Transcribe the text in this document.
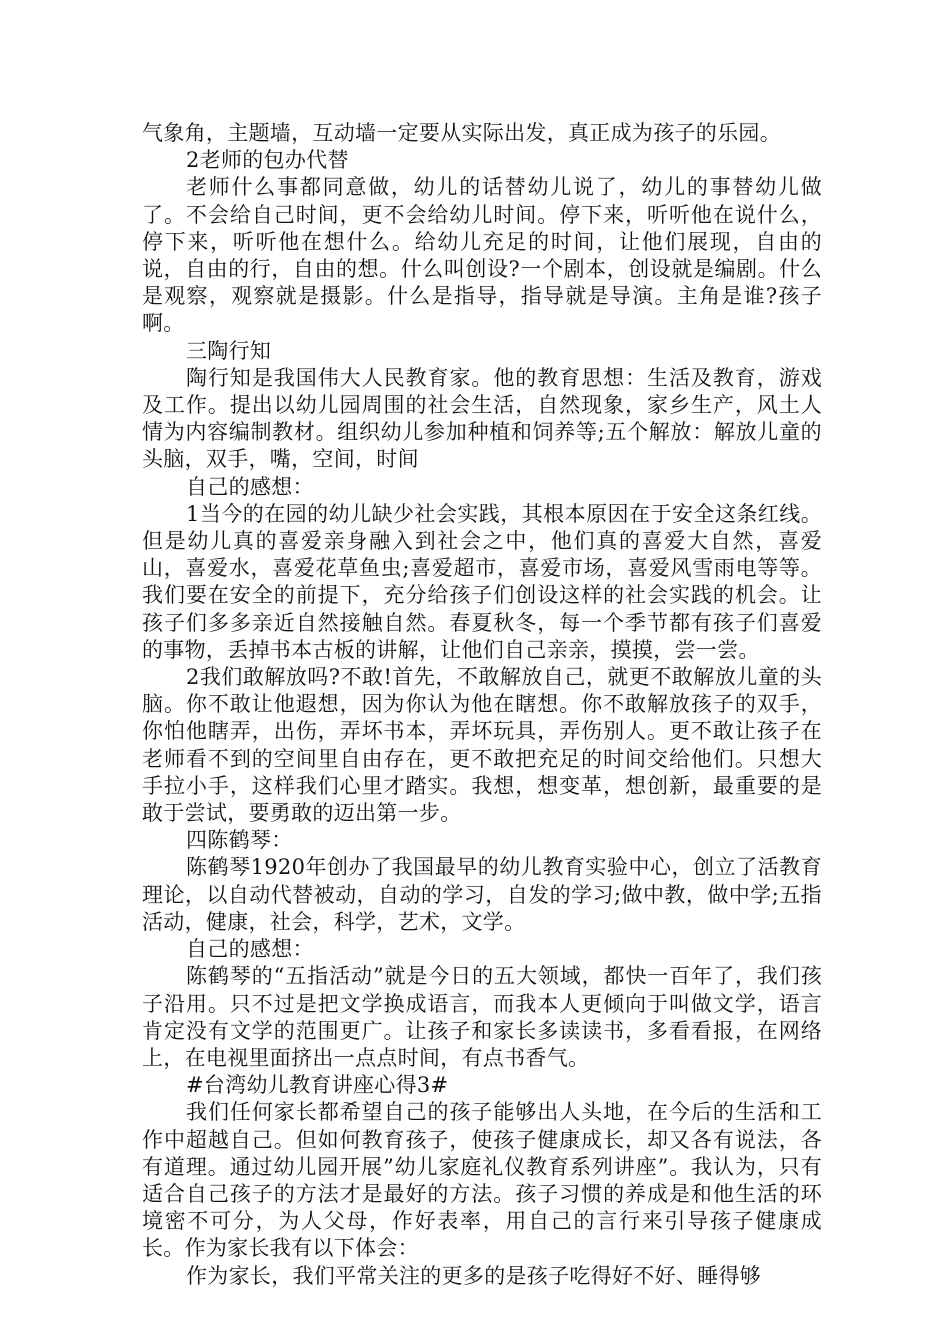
气象角，主题墙，互动墙一定要从实际出发，真正成为孩子的乐园。

2老师的包办代替

老师什么事都同意做，幼儿的话替幼儿说了，幼儿的事替幼儿做了。不会给自己时间，更不会给幼儿时间。停下来，听听他在说什么，停下来，听听他在想什么。给幼儿充足的时间，让他们展现，自由的说，自由的行，自由的想。什么叫创设?一个剧本，创设就是编剧。什么是观察，观察就是摄影。什么是指导，指导就是导演。主角是谁?孩子啊。

三陶行知

陶行知是我国伟大人民教育家。他的教育思想：生活及教育，游戏及工作。提出以幼儿园周围的社会生活，自然现象，家乡生产，风土人情为内容编制教材。组织幼儿参加种植和饲养等;五个解放：解放儿童的头脑，双手，嘴，空间，时间

自己的感想：

1当今的在园的幼儿缺少社会实践，其根本原因在于安全这条红线。但是幼儿真的喜爱亲身融入到社会之中，他们真的喜爱大自然，喜爱山，喜爱水，喜爱花草鱼虫;喜爱超市，喜爱市场，喜爱风雪雨电等等。我们要在安全的前提下，充分给孩子们创设这样的社会实践的机会。让孩子们多多亲近自然接触自然。春夏秋冬，每一个季节都有孩子们喜爱的事物，丢掉书本古板的讲解，让他们自己亲亲，摸摸，尝一尝。

2我们敢解放吗?不敢!首先，不敢解放自己，就更不敢解放儿童的头脑。你不敢让他遐想，因为你认为他在瞎想。你不敢解放孩子的双手，你怕他瞎弄，出伤，弄坏书本，弄坏玩具，弄伤别人。更不敢让孩子在老师看不到的空间里自由存在，更不敢把充足的时间交给他们。只想大手拉小手，这样我们心里才踏实。我想，想变革，想创新，最重要的是敢于尝试，要勇敢的迈出第一步。

四陈鹤琴：

陈鹤琴1920年创办了我国最早的幼儿教育实验中心，创立了活教育理论，以自动代替被动，自动的学习，自发的学习;做中教，做中学;五指活动，健康，社会，科学，艺术，文学。

自己的感想：

陈鹤琴的“五指活动”就是今日的五大领域，都快一百年了，我们孩子沿用。只不过是把文学换成语言，而我本人更倾向于叫做文学，语言肯定没有文学的范围更广。让孩子和家长多读读书，多看看报，在网络上，在电视里面挤出一点点时间，有点书香气。

#台湾幼儿教育讲座心得3#

我们任何家长都希望自己的孩子能够出人头地，在今后的生活和工作中超越自己。但如何教育孩子，使孩子健康成长，却又各有说法，各有道理。通过幼儿园开展”幼儿家庭礼仪教育系列讲座”。我认为，只有适合自己孩子的方法才是最好的方法。孩子习惯的养成是和他生活的环境密不可分，为人父母，作好表率，用自己的言行来引导孩子健康成长。作为家长我有以下体会：

作为家长，我们平常关注的更多的是孩子吃得好不好、睡得够
